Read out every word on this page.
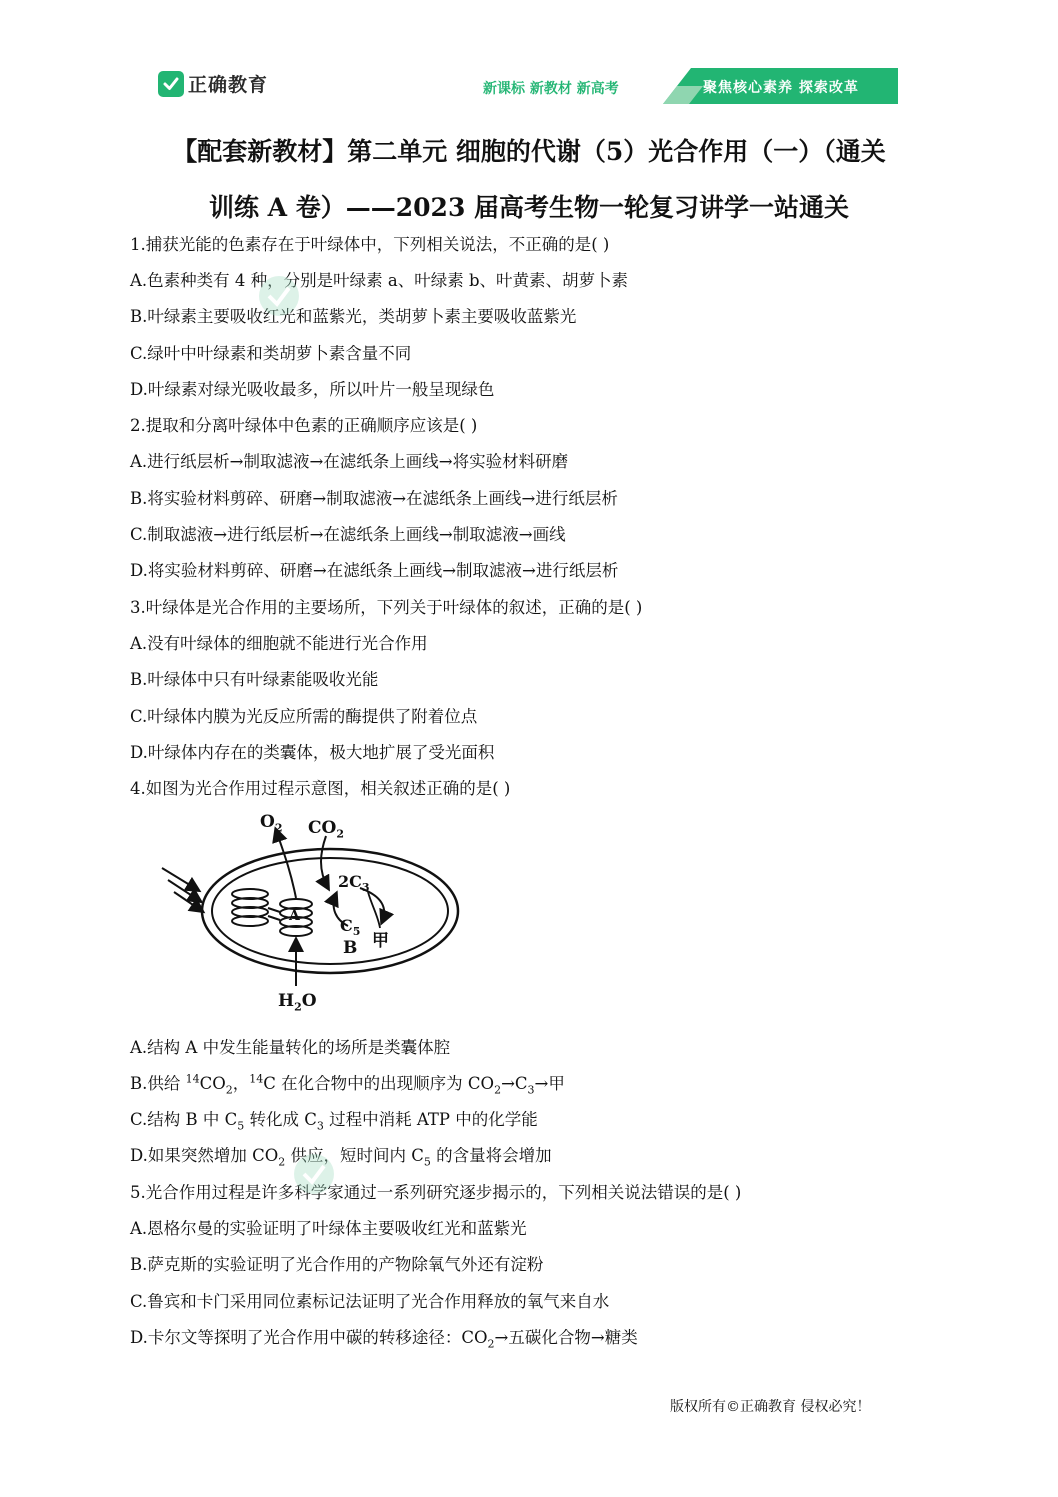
正确教育	新课标 新教材 新高考	聚焦核心素养 探索改革
【配套新教材】第二单元 细胞的代谢（5）光合作用（一）（通关
训练 A 卷）——2023 届高考生物一轮复习讲学一站通关
1.捕获光能的色素存在于叶绿体中，下列相关说法，不正确的是( )
A.色素种类有 4 种，分别是叶绿素 a、叶绿素 b、叶黄素、胡萝卜素
B.叶绿素主要吸收红光和蓝紫光，类胡萝卜素主要吸收蓝紫光
C.绿叶中叶绿素和类胡萝卜素含量不同
D.叶绿素对绿光吸收最多，所以叶片一般呈现绿色
2.提取和分离叶绿体中色素的正确顺序应该是( )
A.进行纸层析→制取滤液→在滤纸条上画线→将实验材料研磨
B.将实验材料剪碎、研磨→制取滤液→在滤纸条上画线→进行纸层析
C.制取滤液→进行纸层析→在滤纸条上画线→制取滤液→画线
D.将实验材料剪碎、研磨→在滤纸条上画线→制取滤液→进行纸层析
3.叶绿体是光合作用的主要场所，下列关于叶绿体的叙述，正确的是( )
A.没有叶绿体的细胞就不能进行光合作用
B.叶绿体中只有叶绿素能吸收光能
C.叶绿体内膜为光反应所需的酶提供了附着位点
D.叶绿体内存在的类囊体，极大地扩展了受光面积
4.如图为光合作用过程示意图，相关叙述正确的是( )
$O_2$ $CO_2$
$2C_3$
$C_5$
A
B 甲
$H_2O$
A.结构 A 中发生能量转化的场所是类囊体腔
B.供给 $^{14}CO_2$，$^{14}$C 在化合物中的出现顺序为 $CO_2\to C_3\to$甲
C.结构 B 中 $C_5$ 转化成 $C_3$ 过程中消耗 ATP 中的化学能
D.如果突然增加 $CO_2$ 供应，短时间内 $C_5$ 的含量将会增加
5.光合作用过程是许多科学家通过一系列研究逐步揭示的，下列相关说法错误的是( )
A.恩格尔曼的实验证明了叶绿体主要吸收红光和蓝紫光
B.萨克斯的实验证明了光合作用的产物除氧气外还有淀粉
C.鲁宾和卡门采用同位素标记法证明了光合作用释放的氧气来自水
D.卡尔文等探明了光合作用中碳的转移途径：$CO_2\to$五碳化合物→糖类
版权所有©正确教育 侵权必究！
